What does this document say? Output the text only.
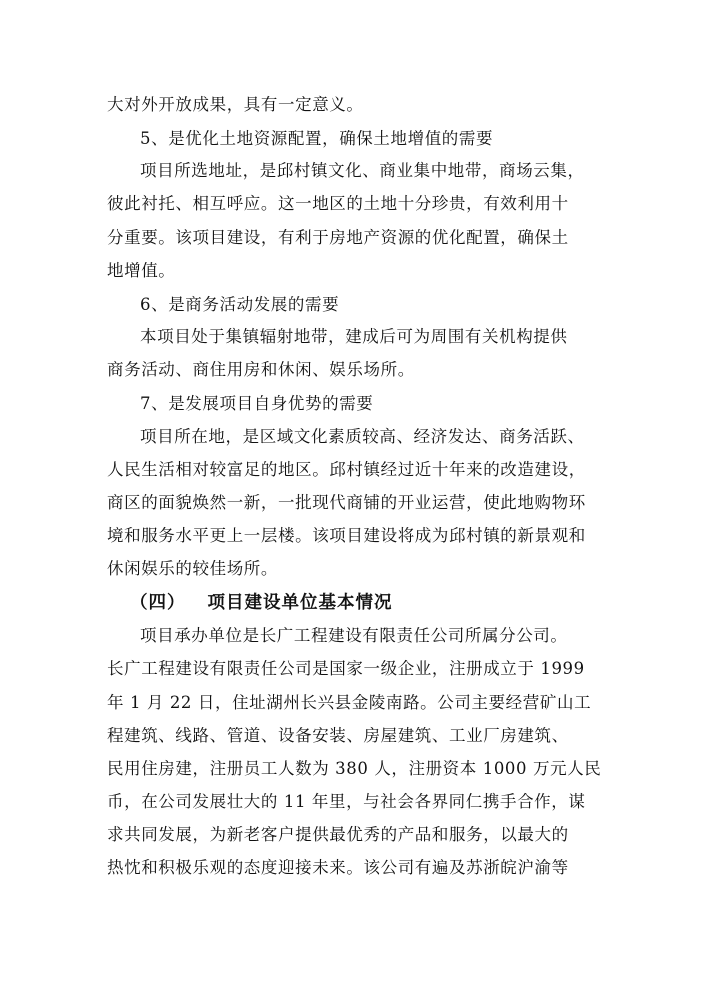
大对外开放成果，具有一定意义。
5、是优化土地资源配置，确保土地增值的需要
项目所选地址，是邱村镇文化、商业集中地带，商场云集，
彼此衬托、相互呼应。这一地区的土地十分珍贵，有效利用十
分重要。该项目建设，有利于房地产资源的优化配置，确保土
地增值。
6、是商务活动发展的需要
本项目处于集镇辐射地带，建成后可为周围有关机构提供
商务活动、商住用房和休闲、娱乐场所。
7、是发展项目自身优势的需要
项目所在地，是区域文化素质较高、经济发达、商务活跃、
人民生活相对较富足的地区。邱村镇经过近十年来的改造建设，
商区的面貌焕然一新，一批现代商铺的开业运营，使此地购物环
境和服务水平更上一层楼。该项目建设将成为邱村镇的新景观和
休闲娱乐的较佳场所。
（四） 项目建设单位基本情况
项目承办单位是长广工程建设有限责任公司所属分公司。
长广工程建设有限责任公司是国家一级企业，注册成立于 1999
年 1 月 22 日，住址湖州长兴县金陵南路。公司主要经营矿山工
程建筑、线路、管道、设备安装、房屋建筑、工业厂房建筑、
民用住房建，注册员工人数为 380 人，注册资本 1000 万元人民
币，在公司发展壮大的 11 年里，与社会各界同仁携手合作，谋
求共同发展，为新老客户提供最优秀的产品和服务，以最大的
热忱和积极乐观的态度迎接未来。该公司有遍及苏浙皖沪渝等
